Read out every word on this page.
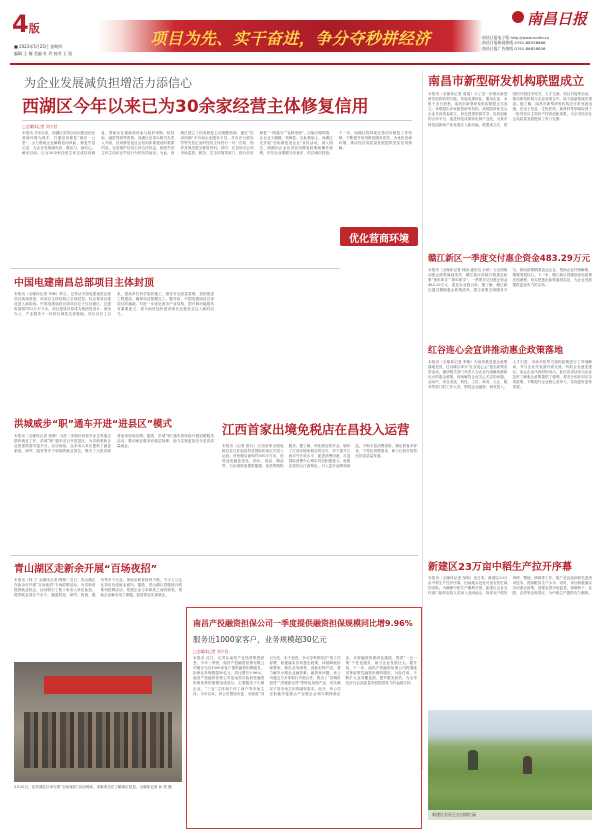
4版
■ 2023年5月25日 星期四
编辑 王 楠 美编 杜 玲 校对 王 琰
项目为先、实干奋进，争分夺秒拼经济
南昌日报
南昌日报电子版 http://www.ncdtv.cn
南昌日报新闻热线 0791-88558666
南昌日报广告热线 0791-86858856
为企业发展减负担增活力添信心
西湖区今年以来已为30余家经营主体修复信用
□全媒体记者 刘宁君
本报讯 今年以来，西湖区坚持以信用建设优化营商环境为抓手，打通信用修复“最后一公里”，全力帮助企业解除信用风险、修复失信记录，为企业发展减负担、增活力、添信心。截至目前，已为30余家经营主体完成信用修复，帮助企业重新获得参与政府采购、招投标、融资贷款等资格。西湖区信用办相关负责人介绍，信用修复是社会信用体系建设的重要内容，也是保护信用主体合法权益、鼓励失信主体主动纠正失信行为的有效途径。为此，西湖区建立了信用修复主动提醒机制，通过“信用西湖”平台和企业服务专员，对存在行政处罚等失信记录的经营主体进行一对一告知，指导其规范提交修复材料。同时，区信用办会同市场监管、税务、生态环境等部门，推行信用修复“一网通办”“容缺受理”，压缩办理时限，让企业少跑腿、快修复。在此基础上，西湖区还开展“信用修复进企业”宣传活动，深入园区、商圈向企业宣讲信用修复政策和操作流程，引导企业增强守信意识，依法诚信经营。下一步，西湖区将持续完善信用修复工作机制，不断提升信用修复服务质效，为优化营商环境、推动经济高质量发展提供坚实信用保障。
优化营商环境
南昌市新型研发机构联盟成立
本报讯（全媒体记者 周翔）为了进一步推动新型研发机构转型升级、发展成果转化，服务企业，本报于近日获悉，南昌市新型研发机构联盟正式成立。该联盟由多家新型研发机构、高校院所和龙头企业共同发起成立，旨在搭建资源共享、协同创新的合作平台，促进科技成果转化和产业化，为我市科技创新和产业发展注入新动能。联盟成立后，将组织开展技术攻关、人才交流、项目对接等活动，推动研发机构与企业深度合作，助力创新型城市建设。据了解，南昌市新型研发机构近年来发展迅速，在电子信息、生物医药、新材料等领域取得了一批具有自主知识产权的创新成果，为全市经济社会高质量发展提供了有力支撑。
赣江新区一季度交付惠企资金483.29万元
本报讯（全媒体记者 林澍 通讯员 余茜）为全面推动惠企政策落地见效，赣江新区持续开展惠企政策“免申即享”“即申即享”，一季度共兑付惠企资金483.29万元，惠及企业数百家。据了解，赣江新区通过梳理惠企政策清单，建立政策兑现服务平台，推动政策精准直达企业，帮助企业纾困解难、增强发展信心。下一步，赣江新区将继续优化政策兑现流程，切实把惠企政策落到实处，为企业发展提供更加有力的支持。
红谷连心会宣讲推动惠企政策落地
本报讯（全媒体记者 李敏）为加快推进惠企政策落地见效，红谷滩区举办“红谷连心会”惠企政策宣讲活动，邀请相关部门负责人为企业代表解读最新出台的惠企政策，现场解答企业关心关注的问题。活动中，来自发改、科技、工信、商务、人社、税务等部门的工作人员，围绕企业融资、研发投入、人才引进、市场开拓等方面的政策进行了详细解读，并与企业代表面对面交流，听取企业意见建议。参会企业代表纷纷表示，此次宣讲活动为企业及时了解惠企政策提供了便利，将充分用好用足各项政策，不断提升企业核心竞争力，实现更好更快发展。
新建区23万亩中稻生产拉开序幕
本报讯（全媒体记者 邹海）连日来，新建区23万亩中稻生产拉开序幕，田间地头处处可见农民忙碌的身影。为确保中稻生产顺利开展，新建区农业农村部门组织农技人员深入田间地头，指导农户做好育秧、整地、移栽等工作，推广优良品种和先进适用技术，提高粮食生产水平。同时，该区积极落实各项惠农政策，加强农资市场监管，保障种子、化肥、农药等农资供应，为中稻生产提供有力保障。
新建区农民正在田间忙碌
中国电建南昌总部项目主体封顶
本报讯（全媒体记者 毕峰）昨日，记者从中国电建南昌总部项目现场获悉，该项目主体结构已全部封顶，标志着项目建设进入新阶段。中国电建南昌总部项目位于红谷滩区，总建筑面积约15万平方米，项目建成后将成为集研发设计、商务办公、产业服务于一体的区域性总部基地。项目自开工以来，建设单位科学组织施工，强化安全质量管理，加快推进工程建设，确保项目按期完工。据介绍，中国电建南昌总部项目的落地，对进一步优化我市产业结构、提升城市能级具有重要意义，将为南昌加快建设现代化强省会注入新的活力。
洪城威步“职”通车开进“进县区”模式
本报讯（全媒体记者 徐静）为进一步做好高校毕业生等重点群体就业工作，洪城“职”通车近日开进县区，为求职者和企业搭建供需对接平台。活动现场，众多用人单位提供了涵盖制造、商贸、服务等多个领域的就业岗位，吸引了大批求职者前来咨询应聘。据悉，洪城“职”通车将持续开展招聘服务活动，推动就业服务向基层延伸，助力实现更加充分更高质量就业。
江西首家出境免税店在昌投入运营
本报讯（记者 陈巧）江西首家出境免税店近日在南昌昌北国际机场正式投入运营。该免税店面积约500平方米，经营品类涵盖香化、酒水、食品、精品等，为出境旅客提供便捷、优质的购物服务。据了解，该免税店的开业，填补了江西出境免税店的空白，对于提升江西对外开放水平、促进消费回流、打造国际消费中心城市具有积极意义。免税店将结合江西特色，引入更多品牌和商品，不断丰富消费供给，满足旅客多样化、个性化消费需求，助力江西开放型经济高质量发展。
青山湖区走新余开展“百场夜招”
本报讯（林 宁 全媒体记者 陶骏）近日，青山湖区在新余市开展“百场夜招”专场招聘活动，为求职者提供就业机会。活动吸引了数十家用人单位参加，提供就业岗位千余个，涵盖制造、商贸、物流、服务等多个行业。现场求职者络绎不绝，不少人与企业初步达成就业意向。据悉，青山湖区将继续开展系列招聘活动，搭建企业与求职者之间的桥梁，帮助企业解决用工难题，促进群众实现就业。
5月25日，在洪城社区举办的“百场夜招”活动现场，求职者正在了解岗位信息。全媒体记者 孙 笑 摄
南昌产投融资担保公司一季度提供融资担保规模同比增9.96%
服务近1000家客户，业务规模超30亿元
□全媒体记者 刘宁君
本报讯 近日，记者从南昌产业投资集团获悉，今年一季度，南昌产投融资担保有限公司累计为近1000家客户提供融资担保服务，担保业务规模超30亿元，同比增长9.96%。南昌产投融资担保公司是南昌市政府性融资担保体系的重要组成部分，主要服务于小微企业、“三农”主体和个体工商户等市场主体。今年以来，该公司围绕市委、市政府“项目为先、实干奋进，争分夺秒拼经济”的工作部署，积极落实各项惠企政策，持续降低担保费率，简化业务流程，创新担保产品，着力解决小微企业融资难、融资贵问题。该公司通过与多家银行开展合作，推出了“洪城科创贷”“洪城惠农贷”等特色担保产品，切实满足不同市场主体的融资需求。此外，该公司还积极对接重点产业链企业和专精特新企业，开辟融资担保绿色通道，提供“一企一策”个性化服务，助力企业发展壮大。据介绍，下一步，南昌产投融资担保公司将继续发挥政策性融资担保的增信、分险作用，不断扩大业务覆盖面，提升服务质效，为全市经济社会高质量发展提供有力的金融支持。
